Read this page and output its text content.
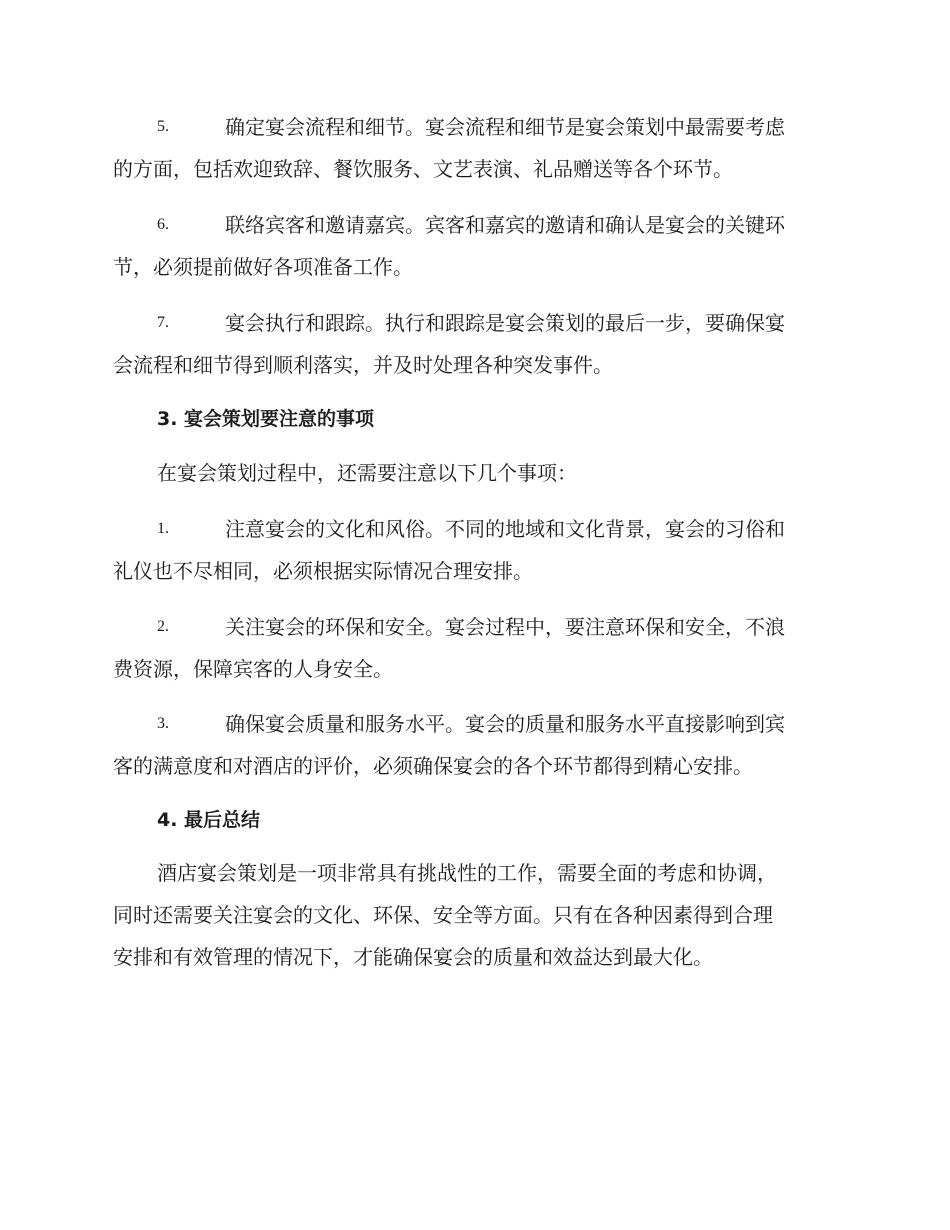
5.	确定宴会流程和细节。宴会流程和细节是宴会策划中最需要考虑

的方面，包括欢迎致辞、餐饮服务、文艺表演、礼品赠送等各个环节。

6.	联络宾客和邀请嘉宾。宾客和嘉宾的邀请和确认是宴会的关键环

节，必须提前做好各项准备工作。

7.	宴会执行和跟踪。执行和跟踪是宴会策划的最后一步，要确保宴

会流程和细节得到顺利落实，并及时处理各种突发事件。

3. 宴会策划要注意的事项

在宴会策划过程中，还需要注意以下几个事项：

1.	注意宴会的文化和风俗。不同的地域和文化背景，宴会的习俗和

礼仪也不尽相同，必须根据实际情况合理安排。

2.	关注宴会的环保和安全。宴会过程中，要注意环保和安全，不浪

费资源，保障宾客的人身安全。

3.	确保宴会质量和服务水平。宴会的质量和服务水平直接影响到宾

客的满意度和对酒店的评价，必须确保宴会的各个环节都得到精心安排。

4. 最后总结

酒店宴会策划是一项非常具有挑战性的工作，需要全面的考虑和协调，

同时还需要关注宴会的文化、环保、安全等方面。只有在各种因素得到合理

安排和有效管理的情况下，才能确保宴会的质量和效益达到最大化。
